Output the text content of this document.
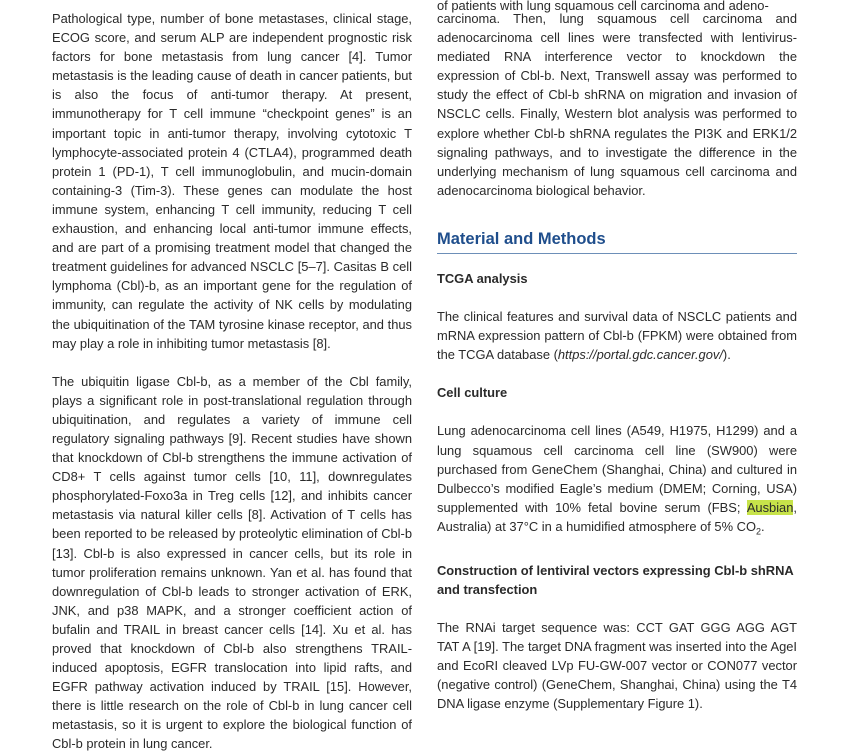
Pathological type, number of bone metastases, clinical stage, ECOG score, and serum ALP are independent prognostic risk factors for bone metastasis from lung cancer [4]. Tumor metastasis is the leading cause of death in cancer patients, but is also the focus of anti-tumor therapy. At present, immunotherapy for T cell immune “checkpoint genes” is an important topic in anti-tumor therapy, involving cytotoxic T lymphocyte-associated protein 4 (CTLA4), programmed death protein 1 (PD-1), T cell immunoglobulin, and mucin-domain containing-3 (Tim-3). These genes can modulate the host immune system, enhancing T cell immunity, reducing T cell exhaustion, and enhancing local anti-tumor immune effects, and are part of a promising treatment model that changed the treatment guidelines for advanced NSCLC [5–7]. Casitas B cell lymphoma (Cbl)-b, as an important gene for the regulation of immunity, can regulate the activity of NK cells by modulating the ubiquitination of the TAM tyrosine kinase receptor, and thus may play a role in inhibiting tumor metastasis [8].

The ubiquitin ligase Cbl-b, as a member of the Cbl family, plays a significant role in post-translational regulation through ubiquitination, and regulates a variety of immune cell regulatory signaling pathways [9]. Recent studies have shown that knockdown of Cbl-b strengthens the immune activation of CD8+ T cells against tumor cells [10, 11], downregulates phosphorylated-Foxo3a in Treg cells [12], and inhibits cancer metastasis via natural killer cells [8]. Activation of T cells has been reported to be released by proteolytic elimination of Cbl-b [13]. Cbl-b is also expressed in cancer cells, but its role in tumor proliferation remains unknown. Yan et al. has found that downregulation of Cbl-b leads to stronger activation of ERK, JNK, and p38 MAPK, and a stronger coefficient action of bufalin and TRAIL in breast cancer cells [14]. Xu et al. has proved that knockdown of Cbl-b also strengthens TRAIL-induced apoptosis, EGFR translocation into lipid rafts, and EGFR pathway activation induced by TRAIL [15]. However, there is little research on the role of Cbl-b in lung cancer cell metastasis, so it is urgent to explore the biological function of Cbl-b protein in lung cancer.

of patients with lung squamous cell carcinoma and adeno-

carcinoma. Then, lung squamous cell carcinoma and adenocarcinoma cell lines were transfected with lentivirus-mediated RNA interference vector to knockdown the expression of Cbl-b. Next, Transwell assay was performed to study the effect of Cbl-b shRNA on migration and invasion of NSCLC cells. Finally, Western blot analysis was performed to explore whether Cbl-b shRNA regulates the PI3K and ERK1/2 signaling pathways, and to investigate the difference in the underlying mechanism of lung squamous cell carcinoma and adenocarcinoma biological behavior.

Material and Methods
TCGA analysis

The clinical features and survival data of NSCLC patients and mRNA expression pattern of Cbl-b (FPKM) were obtained from the TCGA database (https://portal.gdc.cancer.gov/).

Cell culture

Lung adenocarcinoma cell lines (A549, H1975, H1299) and a lung squamous cell carcinoma cell line (SW900) were purchased from GeneChem (Shanghai, China) and cultured in Dulbecco’s modified Eagle’s medium (DMEM; Corning, USA) supplemented with 10% fetal bovine serum (FBS; Ausbian, Australia) at 37°C in a humidified atmosphere of 5% $CO_2$.

Construction of lentiviral vectors expressing Cbl-b shRNA and transfection

The RNAi target sequence was: CCT GAT GGG AGG AGT TAT A [19]. The target DNA fragment was inserted into the AgeI and EcoRI cleaved LVp FU-GW-007 vector or CON077 vector (negative control) (GeneChem, Shanghai, China) using the T4 DNA ligase enzyme (Supplementary Figure 1).
